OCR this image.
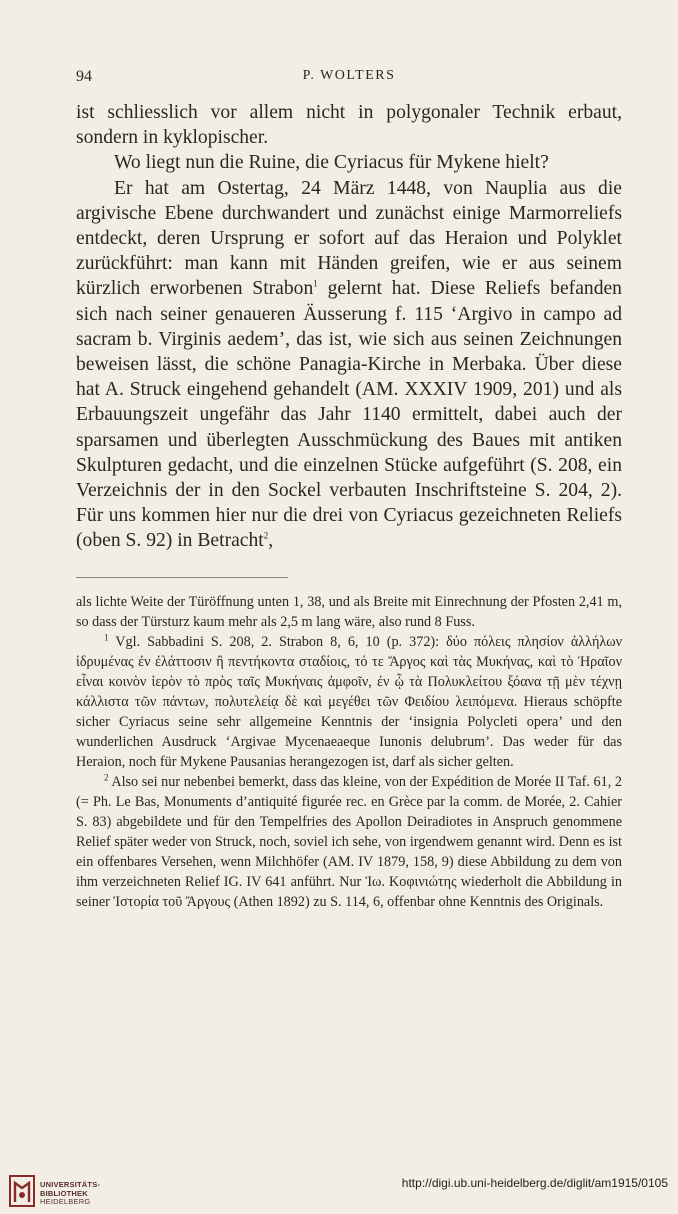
94	P. WOLTERS

ist schliesslich vor allem nicht in polygonaler Technik erbaut, sondern in kyklopischer.

Wo liegt nun die Ruine, die Cyriacus für Mykene hielt?

Er hat am Ostertag, 24 März 1448, von Nauplia aus die argivische Ebene durchwandert und zunächst einige Marmorreliefs entdeckt, deren Ursprung er sofort auf das Heraion und Polyklet zurückführt: man kann mit Händen greifen, wie er aus seinem kürzlich erworbenen Strabon$^1$ gelernt hat. Diese Reliefs befanden sich nach seiner genaueren Äusserung f. 115 ‘Argivo in campo ad sacram b. Virginis aedem’, das ist, wie sich aus seinen Zeichnungen beweisen lässt, die schöne Panagia-Kirche in Merbaka. Über diese hat A. Struck eingehend gehandelt (AM. XXXIV 1909, 201) und als Erbauungszeit ungefähr das Jahr 1140 ermittelt, dabei auch der sparsamen und überlegten Ausschmückung des Baues mit antiken Skulpturen gedacht, und die einzelnen Stücke aufgeführt (S. 208, ein Verzeichnis der in den Sockel verbauten Inschriftsteine S. 204, 2). Für uns kommen hier nur die drei von Cyriacus gezeichneten Reliefs (oben S. 92) in Betracht$^2$,

als lichte Weite der Türöffnung unten 1, 38, und als Breite mit Einrechnung der Pfosten 2,41 m, so dass der Türsturz kaum mehr als 2,5 m lang wäre, also rund 8 Fuss.

$^1$ Vgl. Sabbadini S. 208, 2. Strabon 8, 6, 10 (p. 372): δύο πόλεις πλησίον ἀλλήλων ἱδρυμένας ἐν ἐλάττοσιν ἢ πεντήκοντα σταδίοις, τό τε Ἄργος καὶ τὰς Μυκήνας, καὶ τὸ Ἡραῖον εἶναι κοινὸν ἱερὸν τὸ πρὸς ταῖς Μυκήναις ἀμφοῖν, ἐν ᾧ τὰ Πολυκλείτου ξόανα τῇ μὲν τέχνῃ κάλλιστα τῶν πάντων, πολυτελείᾳ δὲ καὶ μεγέθει τῶν Φειδίου λειπόμενα. Hieraus schöpfte sicher Cyriacus seine sehr allgemeine Kenntnis der ‘insignia Polycleti opera’ und den wunderlichen Ausdruck ‘Argivae Mycenaeaeque Iunonis delubrum’. Das weder für das Heraion, noch für Mykene Pausanias herangezogen ist, darf als sicher gelten.

$^2$ Also sei nur nebenbei bemerkt, dass das kleine, von der Expédition de Morée II Taf. 61, 2 (= Ph. Le Bas, Monuments d’antiquité figurée rec. en Grèce par la comm. de Morée, 2. Cahier S. 83) abgebildete und für den Tempelfries des Apollon Deiradiotes in Anspruch genommene Relief später weder von Struck, noch, soviel ich sehe, von irgendwem genannt wird. Denn es ist ein offenbares Versehen, wenn Milchhöfer (AM. IV 1879, 158, 9) diese Abbildung zu dem von ihm verzeichneten Relief IG. IV 641 anführt. Nur Ἰω. Κοφινιώτης wiederholt die Abbildung in seiner Ἱστορία τοῦ Ἄργους (Athen 1892) zu S. 114, 6, offenbar ohne Kenntnis des Originals.

UNIVERSITÄTS-
BIBLIOTHEK
HEIDELBERG
http://digi.ub.uni-heidelberg.de/diglit/am1915/0105
